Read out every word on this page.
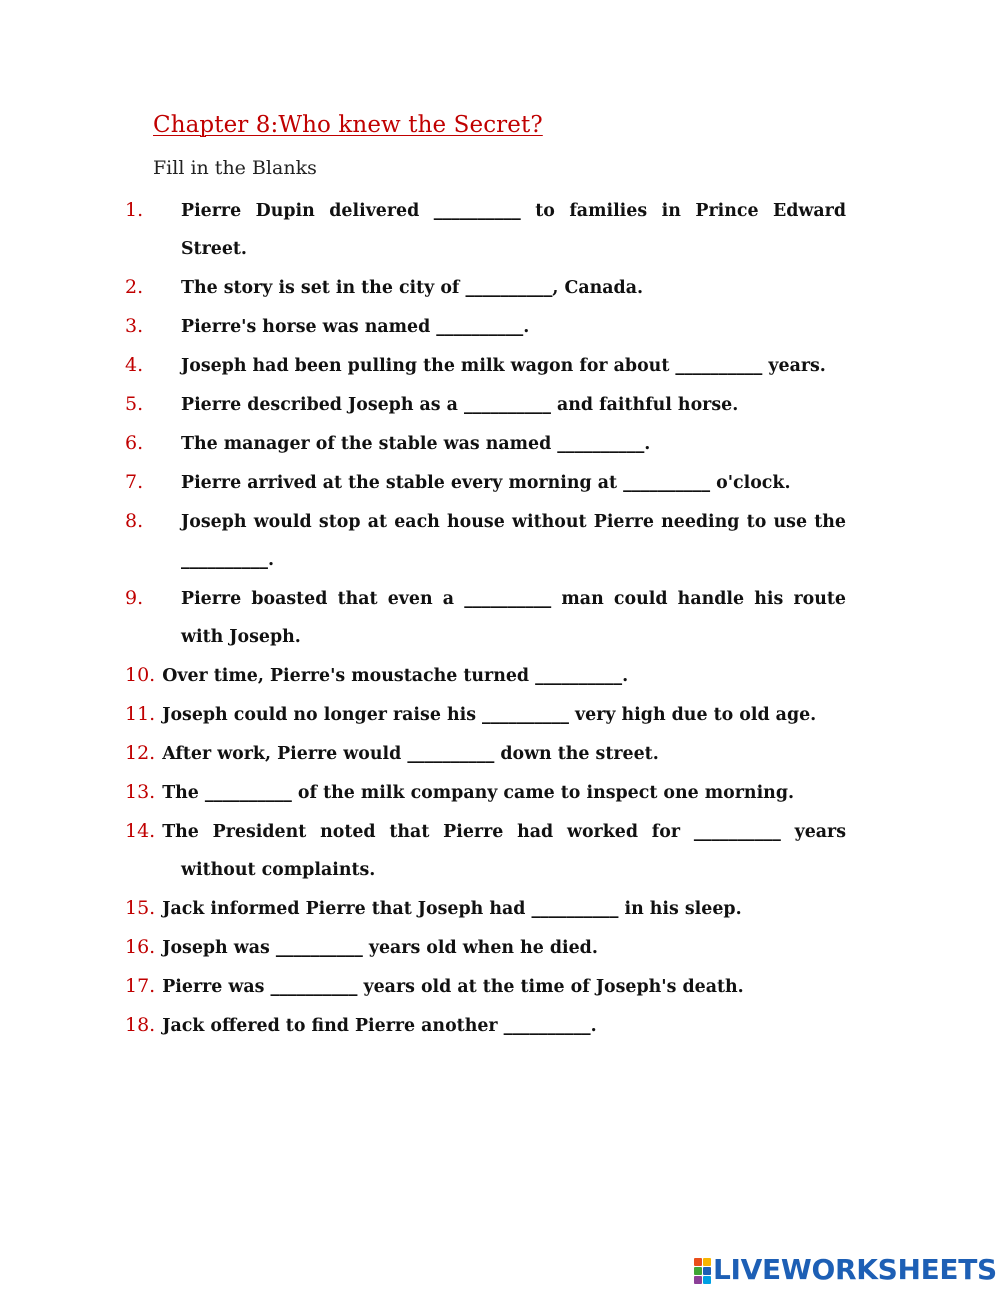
Chapter 8:Who knew the Secret?
Fill in the Blanks
1. Pierre Dupin delivered __________ to families in Prince Edward Street.
2. The story is set in the city of __________, Canada.
3. Pierre's horse was named __________.
4. Joseph had been pulling the milk wagon for about __________ years.
5. Pierre described Joseph as a __________ and faithful horse.
6. The manager of the stable was named __________.
7. Pierre arrived at the stable every morning at __________ o'clock.
8. Joseph would stop at each house without Pierre needing to use the __________.
9. Pierre boasted that even a __________ man could handle his route with Joseph.
10. Over time, Pierre's moustache turned __________.
11. Joseph could no longer raise his __________ very high due to old age.
12. After work, Pierre would __________ down the street.
13. The __________ of the milk company came to inspect one morning.
14. The President noted that Pierre had worked for __________ years without complaints.
15. Jack informed Pierre that Joseph had __________ in his sleep.
16. Joseph was __________ years old when he died.
17. Pierre was __________ years old at the time of Joseph's death.
18. Jack offered to find Pierre another __________.
LIVEWORKSHEETS
